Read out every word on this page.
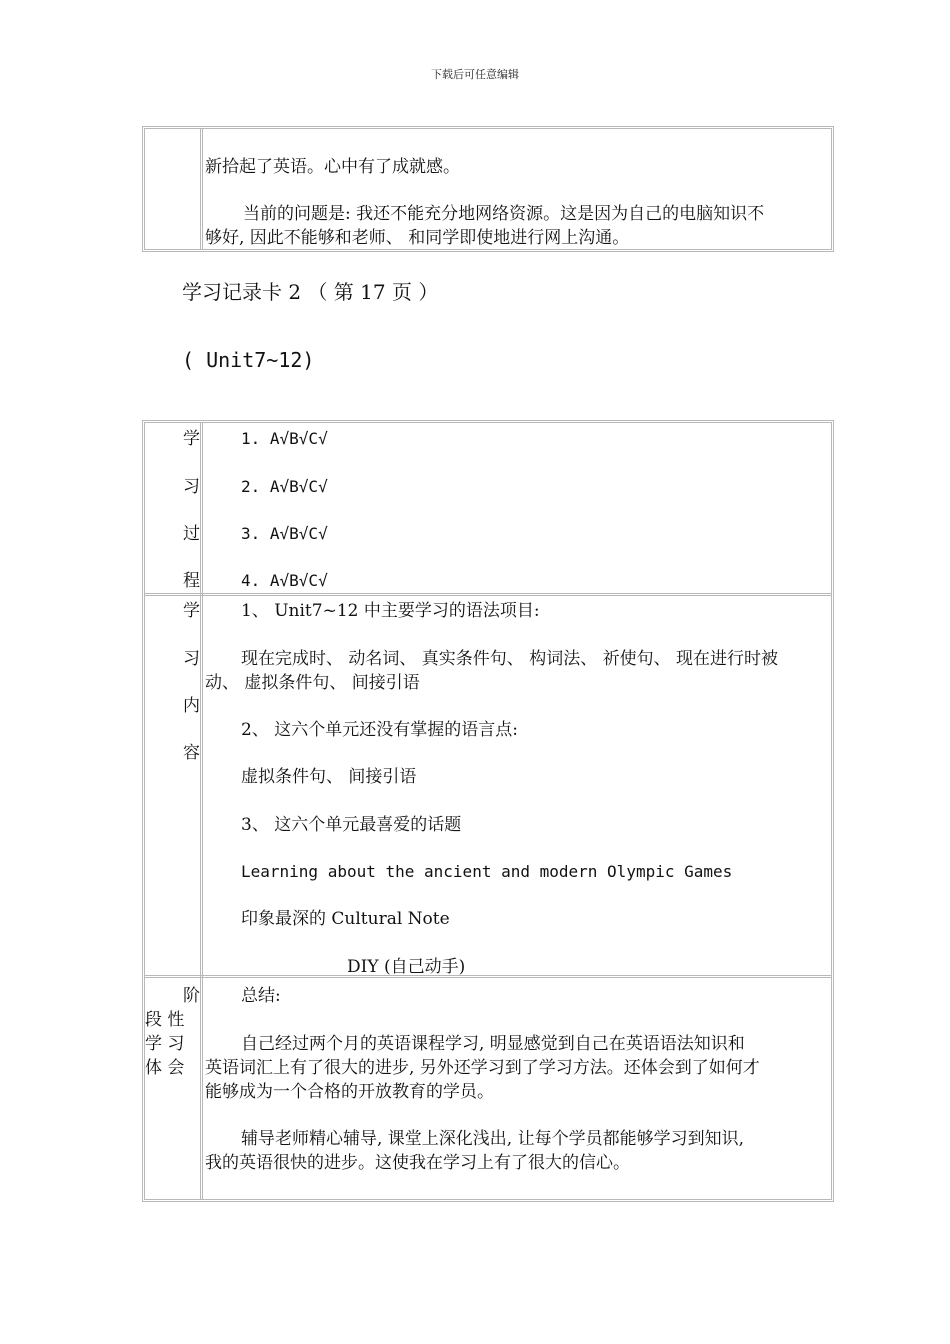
下载后可任意编辑
新拾起了英语。心中有了成就感。
当前的问题是: 我还不能充分地网络资源。这是因为自己的电脑知识不
够好, 因此不能够和老师、 和同学即使地进行网上沟通。
学习记录卡 2 （ 第 17 页 ）
( Unit7~12)
学
习
过
程
1. A√B√C√
2. A√B√C√
3. A√B√C√
4. A√B√C√
学
习
内
容
1、 Unit7~12 中主要学习的语法项目:
现在完成时、 动名词、 真实条件句、 构词法、 祈使句、 现在进行时被
动、 虚拟条件句、 间接引语
2、 这六个单元还没有掌握的语言点:
虚拟条件句、 间接引语
3、 这六个单元最喜爱的话题
Learning about the ancient and modern Olympic Games
印象最深的 Cultural Note
DIY (自己动手)
阶
段 性
学 习
体 会
总结:
自己经过两个月的英语课程学习, 明显感觉到自己在英语语法知识和
英语词汇上有了很大的进步, 另外还学习到了学习方法。还体会到了如何才
能够成为一个合格的开放教育的学员。
辅导老师精心辅导, 课堂上深化浅出, 让每个学员都能够学习到知识,
我的英语很快的进步。这使我在学习上有了很大的信心。
